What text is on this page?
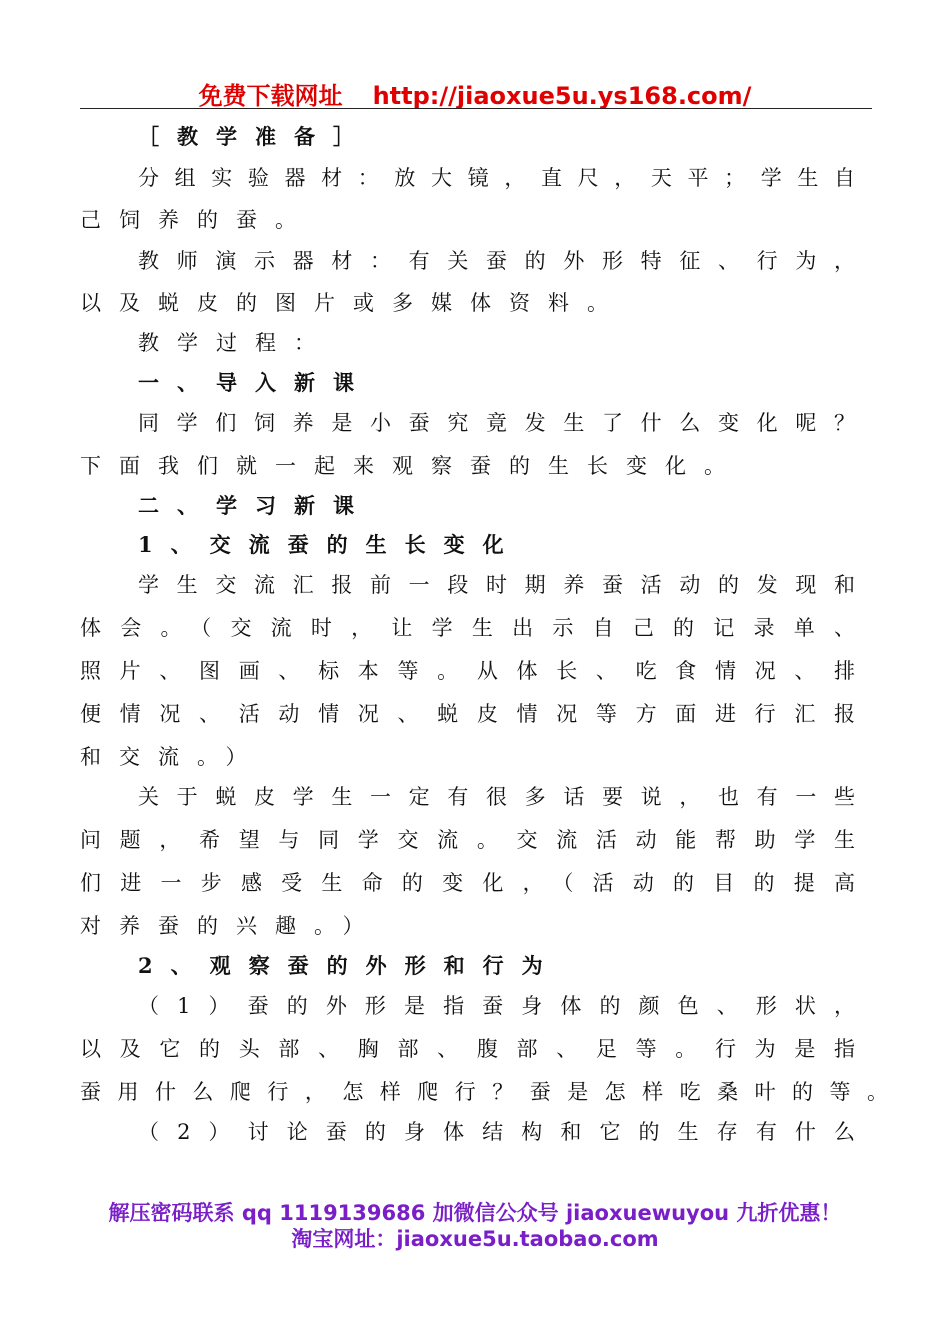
免费下载网址 http://jiaoxue5u.ys168.com/
［教学准备］
分组实验器材：放大镜，直尺，天平；学生自
己饲养的蚕。
教师演示器材：有关蚕的外形特征、行为，
以及蜕皮的图片或多媒体资料。
教学过程：
一、导入新课
同学们饲养是小蚕究竟发生了什么变化呢？
下面我们就一起来观察蚕的生长变化。
二、学习新课
1、交流蚕的生长变化
学生交流汇报前一段时期养蚕活动的发现和
体会。（交流时，让学生出示自己的记录单、
照片、图画、标本等。从体长、吃食情况、排
便情况、活动情况、蜕皮情况等方面进行汇报
和交流。）
关于蜕皮学生一定有很多话要说，也有一些
问题，希望与同学交流。交流活动能帮助学生
们进一步感受生命的变化，（活动的目的提高
对养蚕的兴趣。）
2、观察蚕的外形和行为
（1）蚕的外形是指蚕身体的颜色、形状，
以及它的头部、胸部、腹部、足等。行为是指
蚕用什么爬行，怎样爬行？蚕是怎样吃桑叶的等。
（2）讨论蚕的身体结构和它的生存有什么
解压密码联系 qq 1119139686 加微信公众号 jiaoxuewuyou 九折优惠！
淘宝网址：jiaoxue5u.taobao.com
